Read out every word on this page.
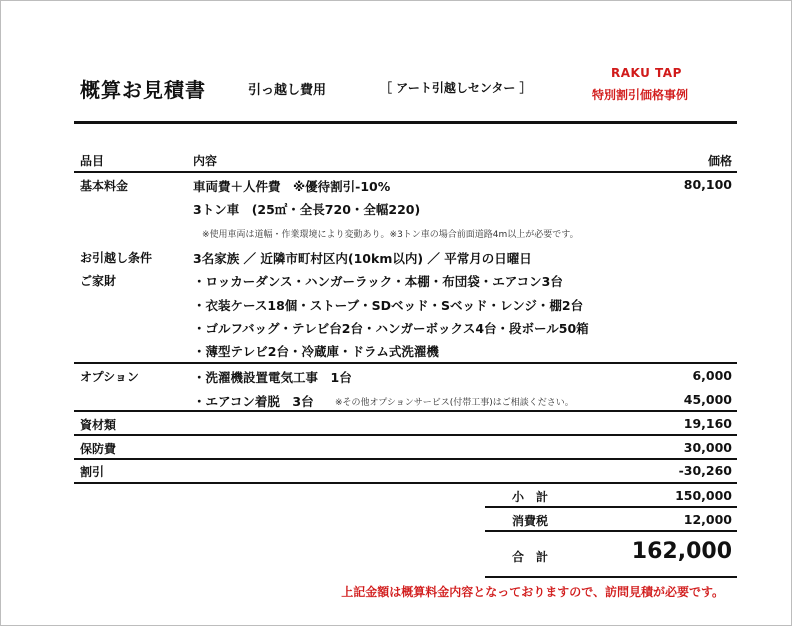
概算お見積書	引っ越し費用	［ アート引越しセンター ］
RAKU TAP
特別割引価格事例
品目	内容	価格
基本料金	車両費＋人件費　※優待割引-10%	80,100
3トン車　(25㎡・全長720・全幅220)
※使用車両は道幅・作業環境により変動あり。※3トン車の場合前面道路4m以上が必要です。
お引越し条件	3名家族 ／ 近隣市町村区内(10km以内) ／ 平常月の日曜日
ご家財	・ロッカーダンス・ハンガーラック・本棚・布団袋・エアコン3台
・衣装ケース18個・ストーブ・SDベッド・Sベッド・レンジ・棚2台
・ゴルフバッグ・テレビ台2台・ハンガーボックス4台・段ボール50箱
・薄型テレビ2台・冷蔵庫・ドラム式洗濯機
オプション	・洗濯機設置電気工事　1台	6,000
・エアコン着脱　3台 ※その他オプションサービス(付帯工事)はご相談ください。	45,000
資材類	19,160
保防費	30,000
割引	-30,260
小　計	150,000
消費税	12,000
合　計	162,000
上記金額は概算料金内容となっておりますので、訪問見積が必要です。
